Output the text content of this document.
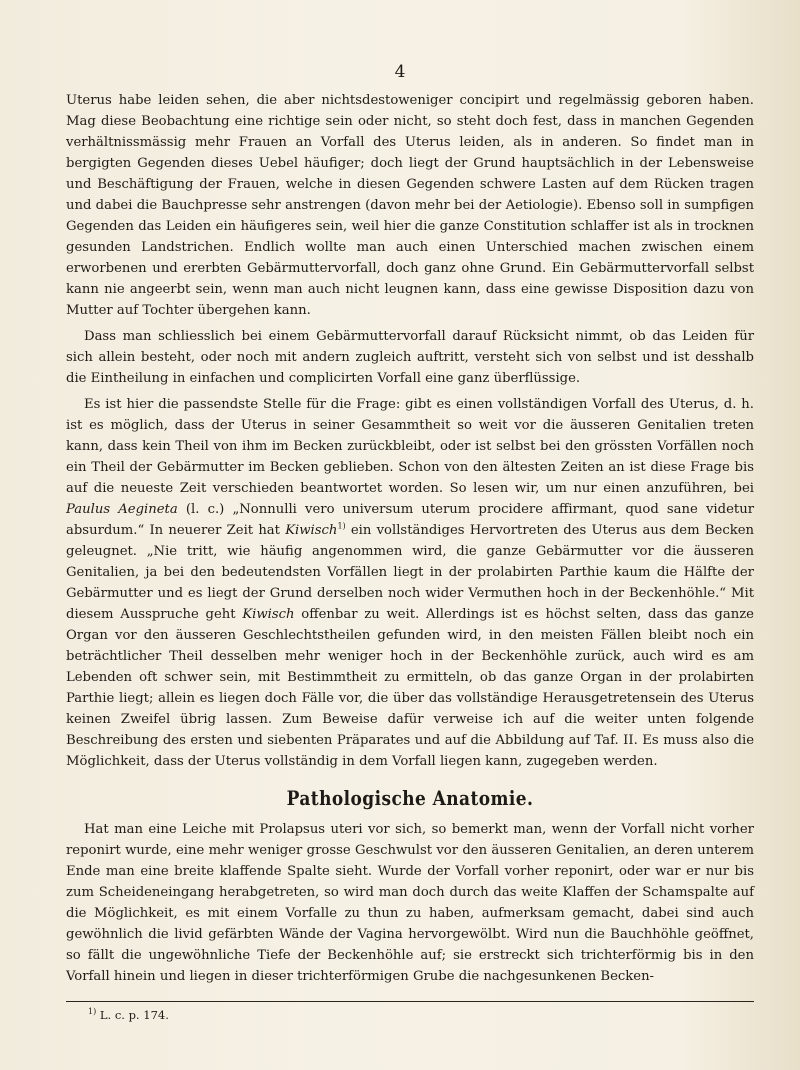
4

Uterus habe leiden sehen, die aber nichtsdestoweniger concipirt und regelmässig geboren haben. Mag diese Beobachtung eine richtige sein oder nicht, so steht doch fest, dass in manchen Gegenden verhältnissmässig mehr Frauen an Vorfall des Uterus leiden, als in anderen. So findet man in bergigten Gegenden dieses Uebel häufiger; doch liegt der Grund hauptsächlich in der Lebensweise und Beschäftigung der Frauen, welche in diesen Gegenden schwere Lasten auf dem Rücken tragen und dabei die Bauchpresse sehr anstrengen (davon mehr bei der Aetiologie). Ebenso soll in sumpfigen Gegenden das Leiden ein häufigeres sein, weil hier die ganze Constitution schlaffer ist als in trocknen gesunden Landstrichen. Endlich wollte man auch einen Unterschied machen zwischen einem erworbenen und ererbten Gebärmuttervorfall, doch ganz ohne Grund. Ein Gebärmuttervorfall selbst kann nie angeerbt sein, wenn man auch nicht leugnen kann, dass eine gewisse Disposition dazu von Mutter auf Tochter übergehen kann.

Dass man schliesslich bei einem Gebärmuttervorfall darauf Rücksicht nimmt, ob das Leiden für sich allein besteht, oder noch mit andern zugleich auftritt, versteht sich von selbst und ist desshalb die Eintheilung in einfachen und complicirten Vorfall eine ganz überflüssige.

Es ist hier die passendste Stelle für die Frage: gibt es einen vollständigen Vorfall des Uterus, d. h. ist es möglich, dass der Uterus in seiner Gesammtheit so weit vor die äusseren Genitalien treten kann, dass kein Theil von ihm im Becken zurückbleibt, oder ist selbst bei den grössten Vorfällen noch ein Theil der Gebärmutter im Becken geblieben. Schon von den ältesten Zeiten an ist diese Frage bis auf die neueste Zeit verschieden beantwortet worden. So lesen wir, um nur einen anzuführen, bei Paulus Aegineta (l. c.) „Nonnulli vero universum uterum procidere affirmant, quod sane videtur absurdum.“ In neuerer Zeit hat Kiwisch$^{1)}$ ein vollständiges Hervortreten des Uterus aus dem Becken geleugnet. „Nie tritt, wie häufig angenommen wird, die ganze Gebärmutter vor die äusseren Genitalien, ja bei den bedeutendsten Vorfällen liegt in der prolabirten Parthie kaum die Hälfte der Gebärmutter und es liegt der Grund derselben noch wider Vermuthen hoch in der Beckenhöhle.“ Mit diesem Ausspruche geht Kiwisch offenbar zu weit. Allerdings ist es höchst selten, dass das ganze Organ vor den äusseren Geschlechtstheilen gefunden wird, in den meisten Fällen bleibt noch ein beträchtlicher Theil desselben mehr weniger hoch in der Beckenhöhle zurück, auch wird es am Lebenden oft schwer sein, mit Bestimmtheit zu ermitteln, ob das ganze Organ in der prolabirten Parthie liegt; allein es liegen doch Fälle vor, die über das vollständige Herausgetretensein des Uterus keinen Zweifel übrig lassen. Zum Beweise dafür verweise ich auf die weiter unten folgende Beschreibung des ersten und siebenten Präparates und auf die Abbildung auf Taf. II. Es muss also die Möglichkeit, dass der Uterus vollständig in dem Vorfall liegen kann, zugegeben werden.

Pathologische Anatomie.

Hat man eine Leiche mit Prolapsus uteri vor sich, so bemerkt man, wenn der Vorfall nicht vorher reponirt wurde, eine mehr weniger grosse Geschwulst vor den äusseren Genitalien, an deren unterem Ende man eine breite klaffende Spalte sieht. Wurde der Vorfall vorher reponirt, oder war er nur bis zum Scheideneingang herabgetreten, so wird man doch durch das weite Klaffen der Schamspalte auf die Möglichkeit, es mit einem Vorfalle zu thun zu haben, aufmerksam gemacht, dabei sind auch gewöhnlich die livid gefärbten Wände der Vagina hervorgewölbt. Wird nun die Bauchhöhle geöffnet, so fällt die ungewöhnliche Tiefe der Beckenhöhle auf; sie erstreckt sich trichterförmig bis in den Vorfall hinein und liegen in dieser trichterförmigen Grube die nachgesunkenen Becken-

$^{1)}$ L. c. p. 174.
